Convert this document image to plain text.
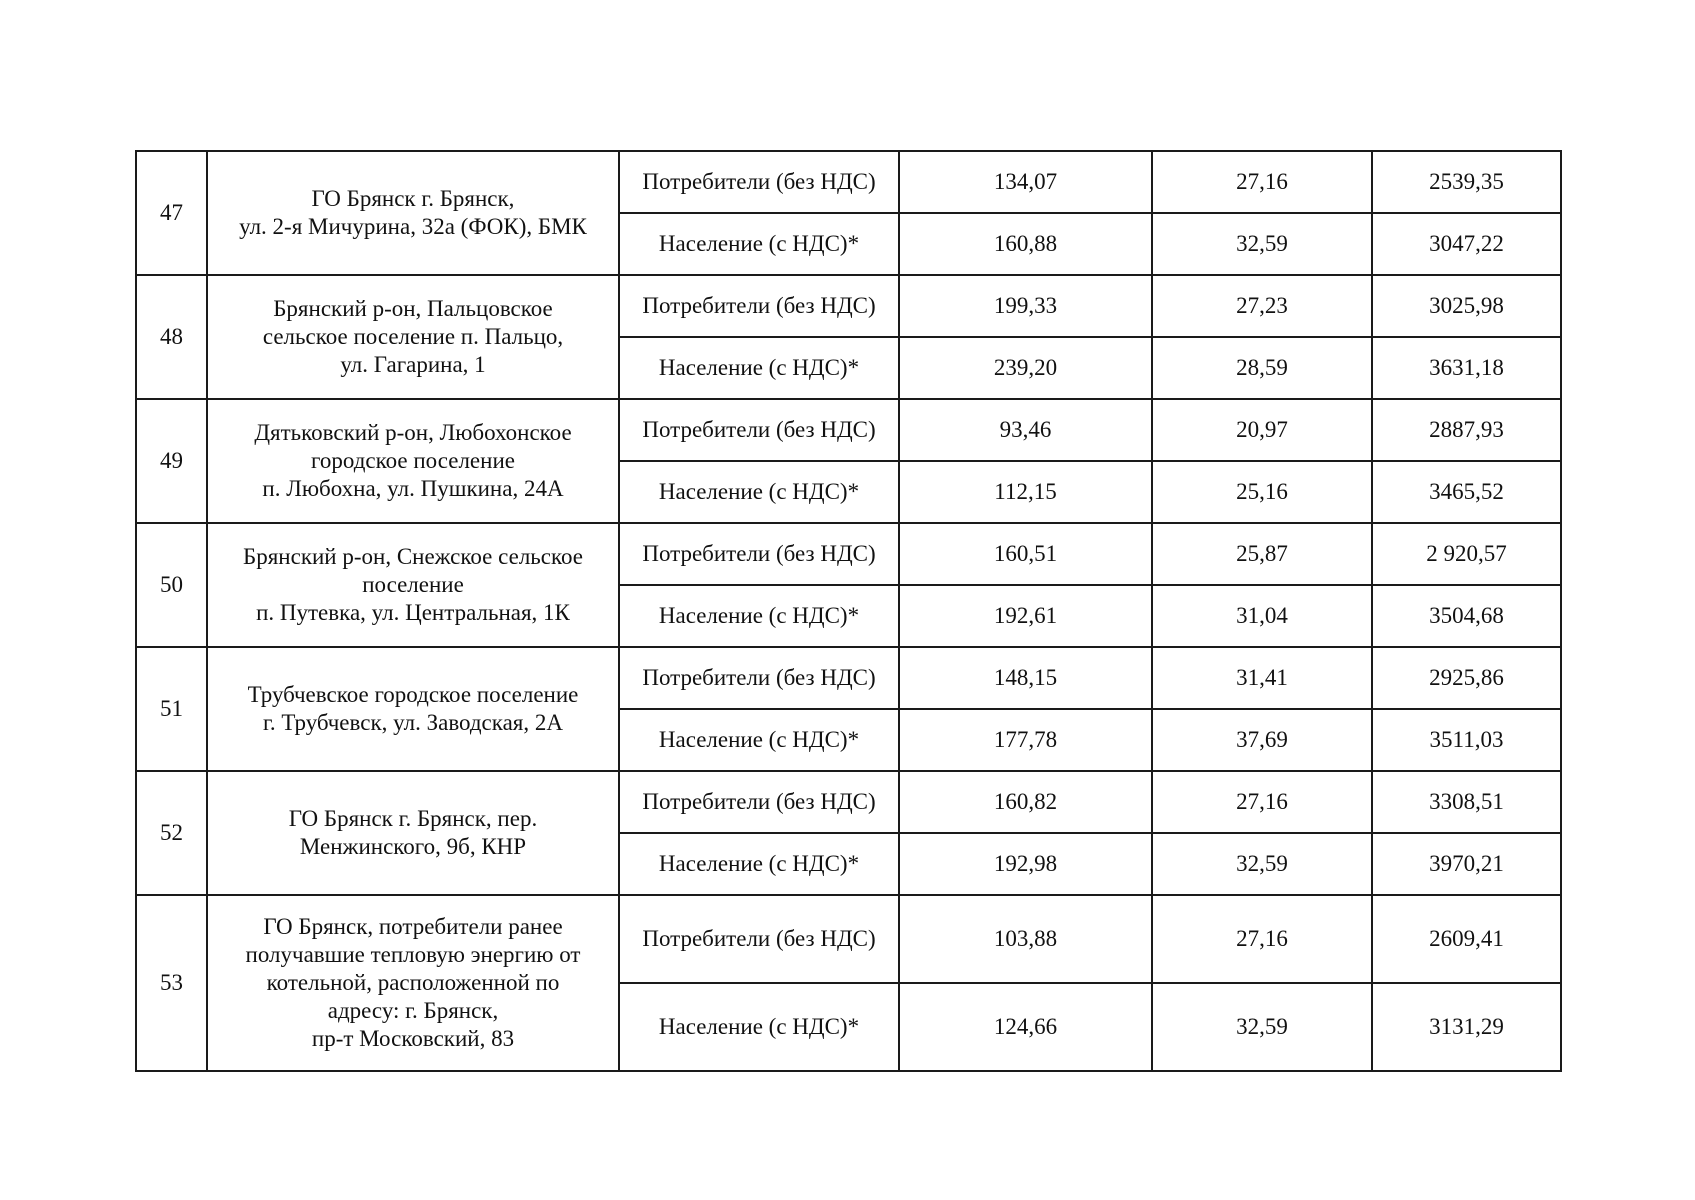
47	ГО Брянск г. Брянск,
ул. 2-я Мичурина, 32а (ФОК), БМК	Потребители (без НДС)	134,07	27,16	2539,35
		Население (с НДС)*	160,88	32,59	3047,22
48	Брянский р-он, Пальцовское
сельское поселение п. Пальцо,
ул. Гагарина, 1	Потребители (без НДС)	199,33	27,23	3025,98
		Население (с НДС)*	239,20	28,59	3631,18
49	Дятьковский р-он, Любохонское
городское поселение
п. Любохна, ул. Пушкина, 24А	Потребители (без НДС)	93,46	20,97	2887,93
		Население (с НДС)*	112,15	25,16	3465,52
50	Брянский р-он, Снежское сельское
поселение
п. Путевка, ул. Центральная, 1К	Потребители (без НДС)	160,51	25,87	2 920,57
		Население (с НДС)*	192,61	31,04	3504,68
51	Трубчевское городское поселение
г. Трубчевск, ул. Заводская, 2А	Потребители (без НДС)	148,15	31,41	2925,86
		Население (с НДС)*	177,78	37,69	3511,03
52	ГО Брянск г. Брянск, пер.
Менжинского, 9б, КНР	Потребители (без НДС)	160,82	27,16	3308,51
		Население (с НДС)*	192,98	32,59	3970,21
53	ГО Брянск, потребители ранее
получавшие тепловую энергию от
котельной, расположенной по
адресу: г. Брянск,
пр-т Московский, 83	Потребители (без НДС)	103,88	27,16	2609,41
		Население (с НДС)*	124,66	32,59	3131,29
